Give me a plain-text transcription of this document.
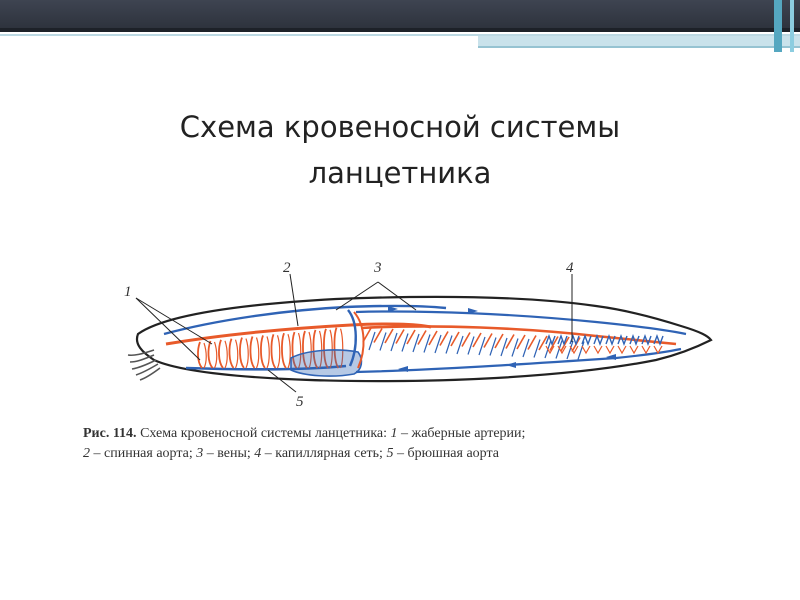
Схема кровеносной системы
ланцетника
1
2	3	4
5
Рис. 114. Схема кровеносной системы ланцетника: 1 – жаберные артерии;
2 – спинная аорта; 3 – вены; 4 – капиллярная сеть; 5 – брюшная аорта
